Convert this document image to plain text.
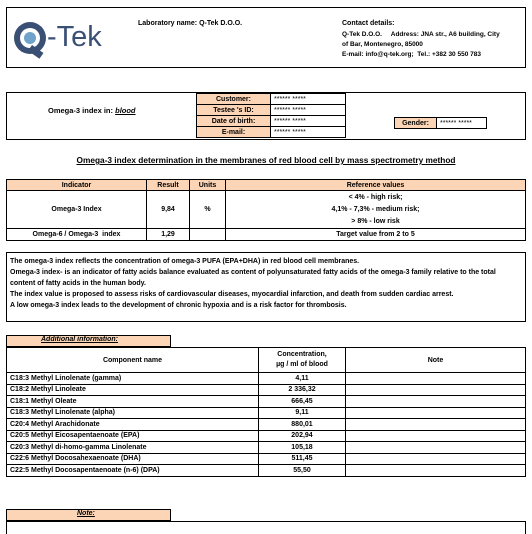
-Tek	Laboratory name: Q-Tek D.O.O.	Contact details:
Q-Tek D.O.O.     Address: JNA str., A6 building, City
of Bar, Montenegro, 85000
E-mail: info@q-tek.org;  Tel.: +382 30 550 783
Omega-3 index in: blood
Customer:	****** *****
Testee 's ID:	****** *****
Date of birth:	****** *****
E-mail:	****** *****
Gender:	****** *****
Omega-3 index determination in the membranes of red blood cell by mass spectrometry method
Indicator	Result	Units	Reference values
Omega-3 Index	9,84	%	< 4% - high risk;
4,1% - 7,3% - medium risk;
> 8% - low risk

Omega-6 / Omega-3  index	1,29		Target value from 2 to 5
The omega-3 index reflects the concentration of omega-3 PUFA (EPA+DHA) in red blood cell membranes.
Omega-3 index- is an indicator of fatty acids balance evaluated as content of polyunsaturated fatty acids of the omega-3 family relative to the total content of fatty acids in the human body.
The index value is proposed to assess risks of cardiovascular diseases, myocardial infarction, and death from sudden cardiac arrest.
A low omega-3 index leads to the development of chronic hypoxia and is a risk factor for thrombosis.
Additional information:
Component name	Concentration,
µg / ml of blood	Note
C18:3 Methyl Linolenate (gamma)	4,11	
C18:2 Methyl Linoleate	2 336,32	
C18:1 Methyl Oleate	666,45	
C18:3 Methyl Linolenate (alpha)	9,11	
C20:4 Methyl Arachidonate	880,01	
C20:5 Methyl Eicosapentaenoate (EPA)	202,94	
C20:3 Methyl di-homo-gamma Linolenate	105,18	
C22:6 Methyl Docosahexaenoate (DHA)	511,45	
C22:5 Methyl Docosapentaenoate (n-6) (DPA)	55,50	
Note:
